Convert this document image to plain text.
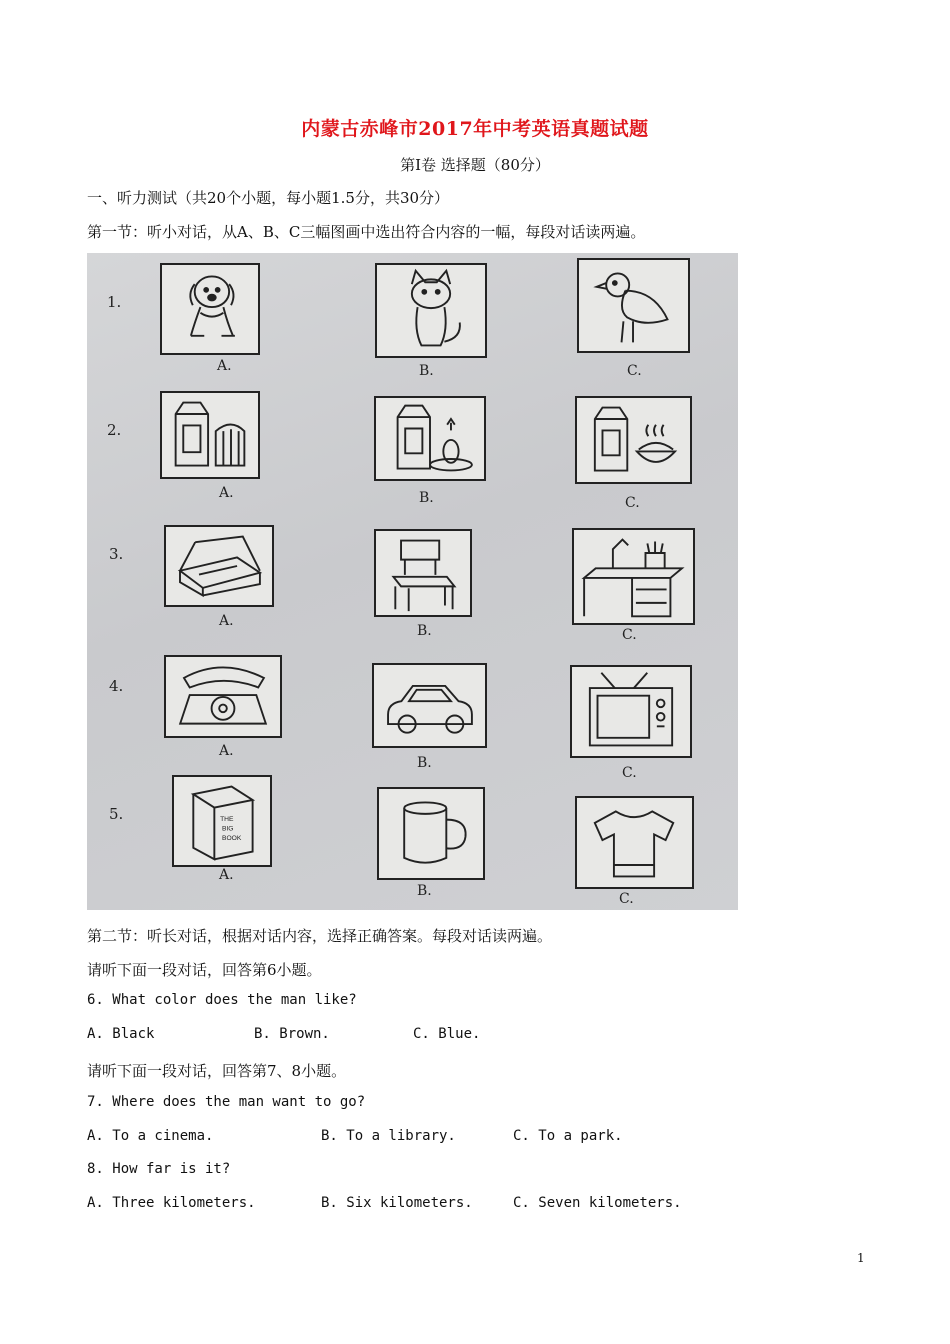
内蒙古赤峰市2017年中考英语真题试题
第Ⅰ卷 选择题（80分）
一、听力测试（共20个小题，每小题1.5分，共30分）
第一节：听小对话，从A、B、C三幅图画中选出符合内容的一幅，每段对话读两遍。
1.
A.	B.	C.
2.
A.	B.	C.
3.
A.
B.	C.
4.
A.
B.
C.
5.	THE
BIG
BOOK
A.
B.	C.
第二节：听长对话，根据对话内容，选择正确答案。每段对话读两遍。
请听下面一段对话，回答第6小题。
6. What color does the man like?
A. Black	B. Brown.	C. Blue.
请听下面一段对话，回答第7、8小题。
7. Where does the man want to go?
A. To a cinema.	B. To a library.	C. To a park.
8. How far is it?
A. Three kilometers.	B. Six kilometers.	C. Seven kilometers.
1
